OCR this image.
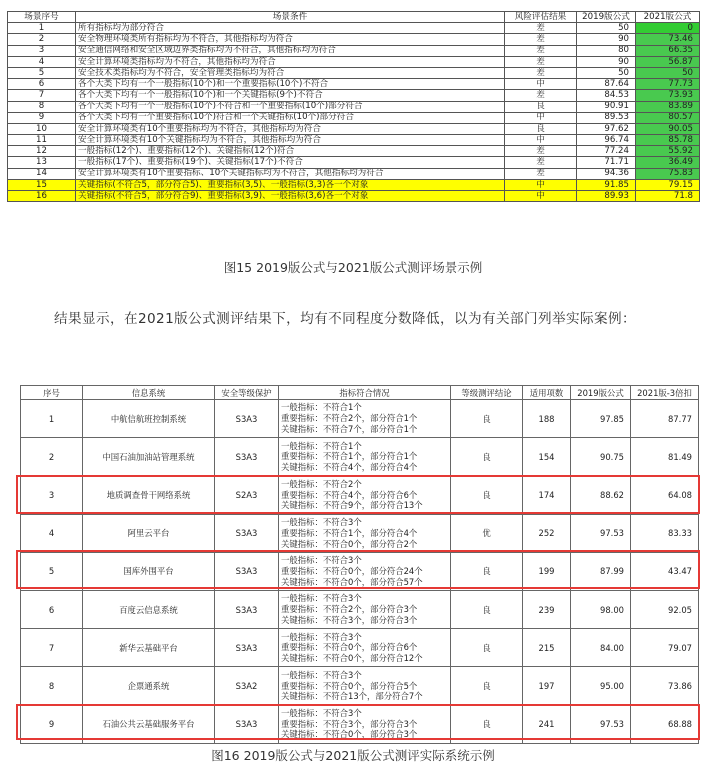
场景序号	场景条件	风险评估结果	2019版公式	2021版公式
1	所有指标均为部分符合	差	50	0
2	安全物理环境类所有指标均为不符合，其他指标均为符合	差	90	73.46
3	安全通信网络和安全区域边界类指标均为不符合，其他指标均为符合	差	80	66.35
4	安全计算环境类指标均为不符合，其他指标均为符合	差	90	56.87
5	安全技术类指标均为不符合，安全管理类指标均为符合	差	50	50
6	各个大类下均有一个一般指标(10个)和一个重要指标(10个)不符合	中	87.64	77.73
7	各个大类下均有一个一般指标(10个)和一个关键指标(9个)不符合	差	84.53	73.93
8	各个大类下均有一个一般指标(10个)不符合和一个重要指标(10个)部分符合	良	90.91	83.89
9	各个大类下均有一个重要指标(10个)符合和一个关键指标(10个)部分符合	中	89.53	80.57
10	安全计算环境类有10个重要指标均为不符合，其他指标均为符合	良	97.62	90.05
11	安全计算环境类有10个关键指标均为不符合，其他指标均为符合	中	96.74	85.78
12	一般指标(12个)、重要指标(12个)、关键指标(12个)符合	差	77.24	55.92
13	一般指标(17个)、重要指标(19个)、关键指标(17个)不符合	差	71.71	36.49
14	安全计算环境类有10个重要指标、10个关键指标均为不符合，其他指标均为符合	差	94.36	75.83
15	关键指标(不符合5，部分符合5)、重要指标(3,5)、一般指标(3,3)各一个对象	中	91.85	79.15
16	关键指标(不符合5，部分符合9)、重要指标(3,9)、一般指标(3,6)各一个对象	中	89.93	71.8
图15 2019版公式与2021版公式测评场景示例
结果显示，在2021版公式测评结果下，均有不同程度分数降低，以为有关部门列举实际案例：
序号	信息系统	安全等级保护	指标符合情况	等级测评结论	适用项数	2019版公式	2021版-3倍扣
1	中航信航班控制系统	S3A3	一般指标：不符合1个
重要指标：不符合2个，部分符合1个
关键指标：不符合7个，部分符合1个	良	188	97.85	87.77
2	中国石油加油站管理系统	S3A3	一般指标：不符合1个
重要指标：不符合1个，部分符合1个
关键指标：不符合4个，部分符合4个	良	154	90.75	81.49
3	地质调查骨干网络系统	S2A3	一般指标：不符合2个
重要指标：不符合4个，部分符合6个
关键指标：不符合9个，部分符合13个	良	174	88.62	64.08
4	阿里云平台	S3A3	一般指标：不符合3个
重要指标：不符合1个，部分符合4个
关键指标：不符合0个，部分符合2个	优	252	97.53	83.33
5	国库外围平台	S3A3	一般指标：不符合3个
重要指标：不符合0个，部分符合24个
关键指标：不符合0个，部分符合57个	良	199	87.99	43.47
6	百度云信息系统	S3A3	一般指标：不符合3个
重要指标：不符合2个，部分符合3个
关键指标：不符合3个，部分符合3个	良	239	98.00	92.05
7	新华云基础平台	S3A3	一般指标：不符合3个
重要指标：不符合0个，部分符合6个
关键指标：不符合0个，部分符合12个	良	215	84.00	79.07
8	企票通系统	S3A2	一般指标：不符合3个
重要指标：不符合0个，部分符合5个
关键指标：不符合13个，部分符合7个	良	197	95.00	73.86
9	石油公共云基础服务平台	S3A3	一般指标：不符合3个
重要指标：不符合3个，部分符合3个
关键指标：不符合0个，部分符合3个	良	241	97.53	68.88
图16 2019版公式与2021版公式测评实际系统示例
